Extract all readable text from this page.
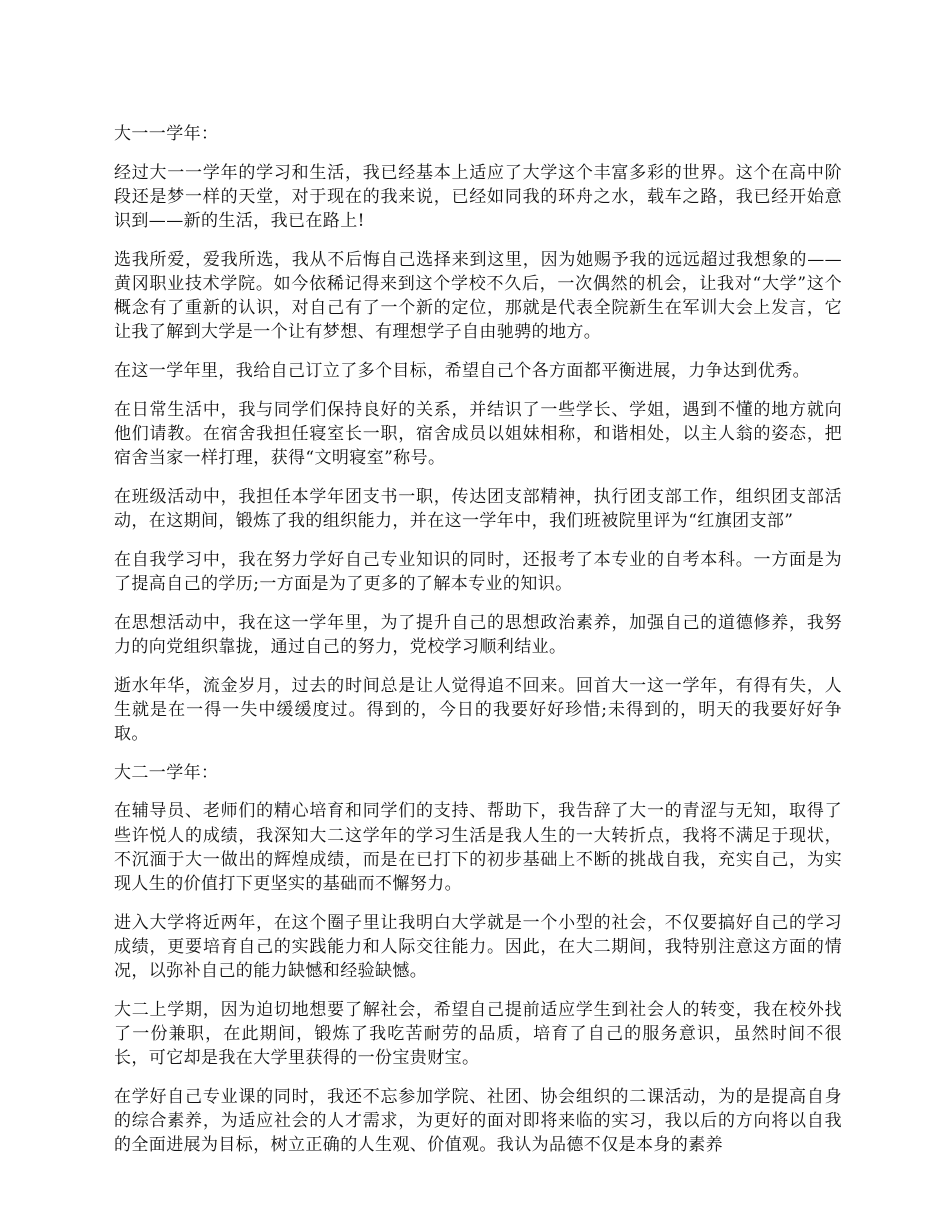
大一一学年：

经过大一一学年的学习和生活，我已经基本上适应了大学这个丰富多彩的世界。这个在高中阶段还是梦一样的天堂，对于现在的我来说，已经如同我的环舟之水，载车之路，我已经开始意识到——新的生活，我已在路上!

选我所爱，爱我所选，我从不后悔自己选择来到这里，因为她赐予我的远远超过我想象的——黄冈职业技术学院。如今依稀记得来到这个学校不久后，一次偶然的机会，让我对“大学”这个概念有了重新的认识，对自己有了一个新的定位，那就是代表全院新生在军训大会上发言，它让我了解到大学是一个让有梦想、有理想学子自由驰骋的地方。

在这一学年里，我给自己订立了多个目标，希望自己个各方面都平衡进展，力争达到优秀。

在日常生活中，我与同学们保持良好的关系，并结识了一些学长、学姐，遇到不懂的地方就向他们请教。在宿舍我担任寝室长一职，宿舍成员以姐妹相称，和谐相处，以主人翁的姿态，把宿舍当家一样打理，获得“文明寝室”称号。

在班级活动中，我担任本学年团支书一职，传达团支部精神，执行团支部工作，组织团支部活动，在这期间，锻炼了我的组织能力，并在这一学年中，我们班被院里评为“红旗团支部”

在自我学习中，我在努力学好自己专业知识的同时，还报考了本专业的自考本科。一方面是为了提高自己的学历;一方面是为了更多的了解本专业的知识。

在思想活动中，我在这一学年里，为了提升自己的思想政治素养，加强自己的道德修养，我努力的向党组织靠拢，通过自己的努力，党校学习顺利结业。

逝水年华，流金岁月，过去的时间总是让人觉得追不回来。回首大一这一学年，有得有失，人生就是在一得一失中缓缓度过。得到的，今日的我要好好珍惜;未得到的，明天的我要好好争取。

大二一学年：

在辅导员、老师们的精心培育和同学们的支持、帮助下，我告辞了大一的青涩与无知，取得了些许悦人的成绩，我深知大二这学年的学习生活是我人生的一大转折点，我将不满足于现状，不沉湎于大一做出的辉煌成绩，而是在已打下的初步基础上不断的挑战自我，充实自己，为实现人生的价值打下更坚实的基础而不懈努力。

进入大学将近两年，在这个圈子里让我明白大学就是一个小型的社会，不仅要搞好自己的学习成绩，更要培育自己的实践能力和人际交往能力。因此，在大二期间，我特别注意这方面的情况，以弥补自己的能力缺憾和经验缺憾。

大二上学期，因为迫切地想要了解社会，希望自己提前适应学生到社会人的转变，我在校外找了一份兼职，在此期间，锻炼了我吃苦耐劳的品质，培育了自己的服务意识，虽然时间不很长，可它却是我在大学里获得的一份宝贵财宝。

在学好自己专业课的同时，我还不忘参加学院、社团、协会组织的二课活动，为的是提高自身的综合素养，为适应社会的人才需求，为更好的面对即将来临的实习，我以后的方向将以自我的全面进展为目标，树立正确的人生观、价值观。我认为品德不仅是本身的素养
